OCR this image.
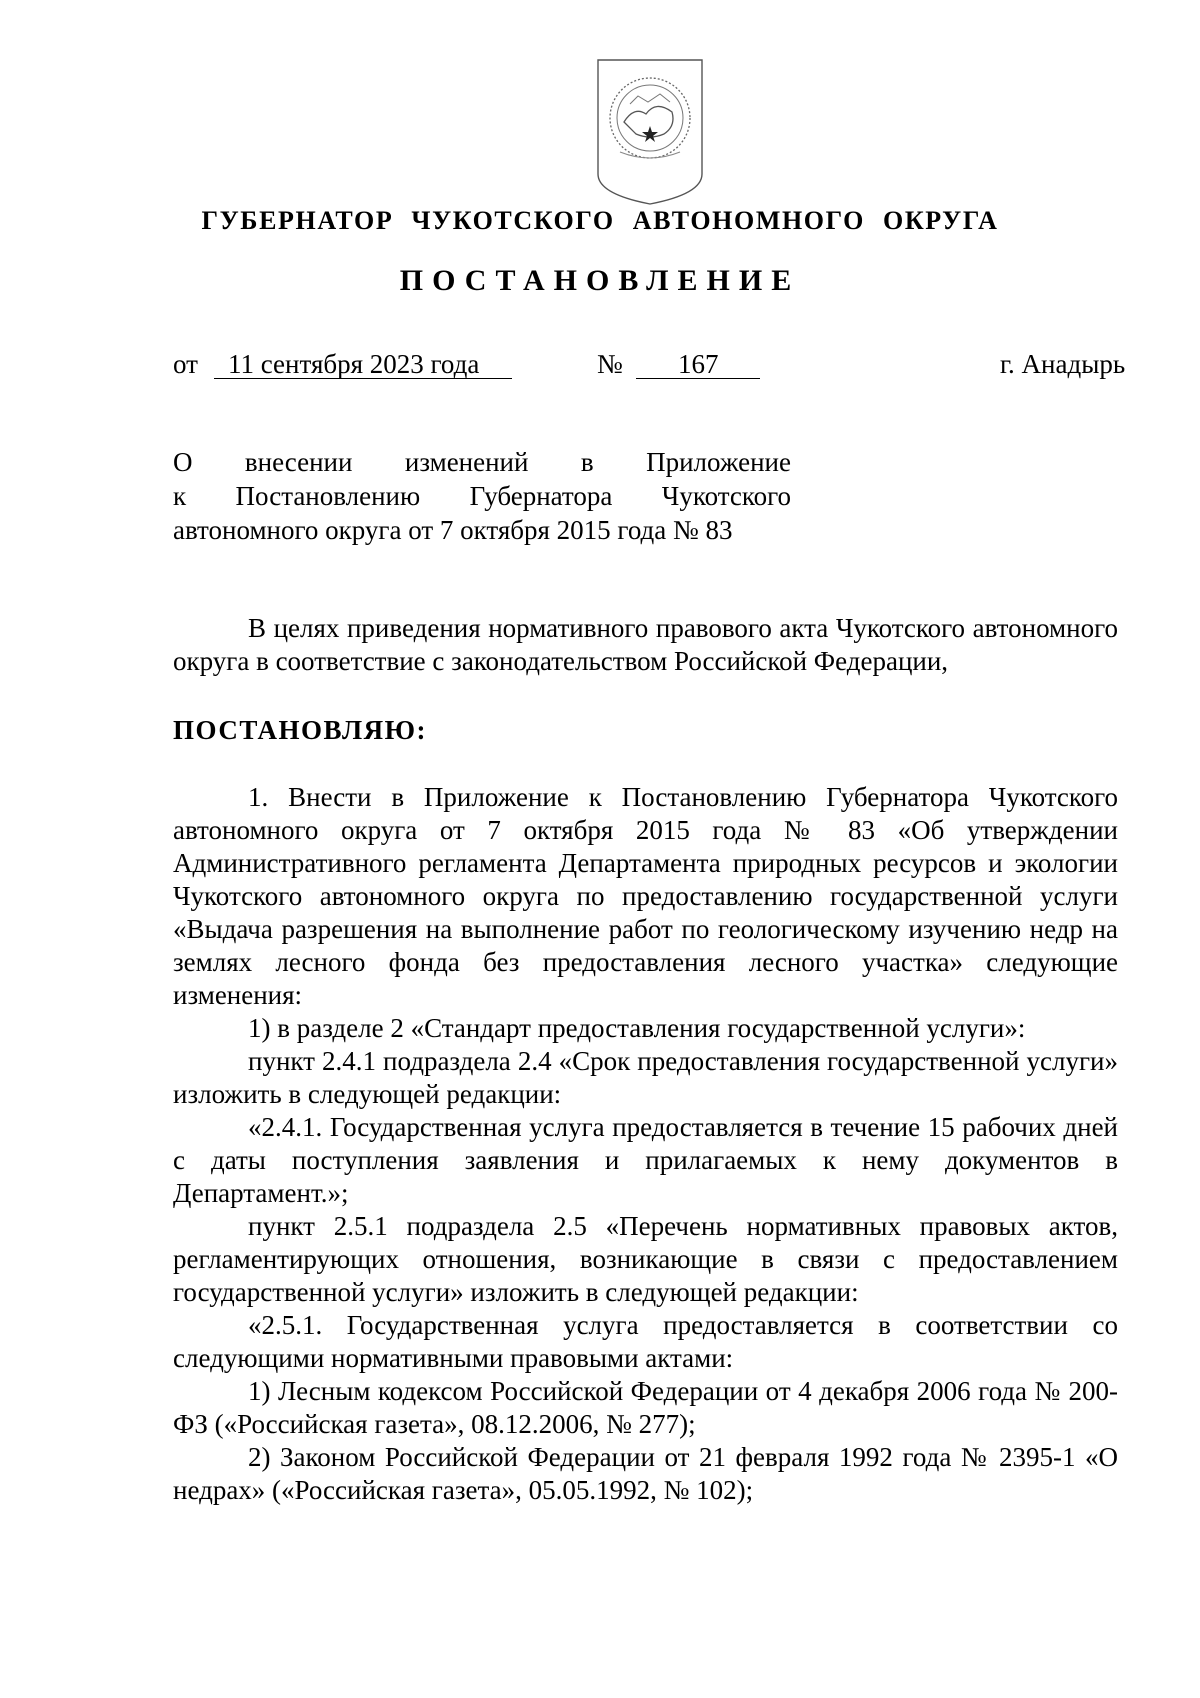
ГУБЕРНАТОР ЧУКОТСКОГО АВТОНОМНОГО ОКРУГА
ПОСТАНОВЛЕНИЕ
от 11 сентября 2023 года	№ 167	г. Анадырь
О внесении изменений в Приложение
к Постановлению Губернатора Чукотского
автономного округа от 7 октября 2015 года № 83

В целях приведения нормативного правового акта Чукотского автономного округа в соответствие с законодательством Российской Федерации,

ПОСТАНОВЛЯЮ:

1. Внести в Приложение к Постановлению Губернатора Чукотского автономного округа от 7 октября 2015 года № 83 «Об утверждении Административного регламента Департамента природных ресурсов и экологии Чукотского автономного округа по предоставлению государственной услуги «Выдача разрешения на выполнение работ по геологическому изучению недр на землях лесного фонда без предоставления лесного участка» следующие изменения:

1) в разделе 2 «Стандарт предоставления государственной услуги»:

пункт 2.4.1 подраздела 2.4 «Срок предоставления государственной услуги» изложить в следующей редакции:

«2.4.1. Государственная услуга предоставляется в течение 15 рабочих дней с даты поступления заявления и прилагаемых к нему документов в Департамент.»;

пункт 2.5.1 подраздела 2.5 «Перечень нормативных правовых актов, регламентирующих отношения, возникающие в связи с предоставлением государственной услуги» изложить в следующей редакции:

«2.5.1. Государственная услуга предоставляется в соответствии со следующими нормативными правовыми актами:

1) Лесным кодексом Российской Федерации от 4 декабря 2006 года № 200-ФЗ («Российская газета», 08.12.2006, № 277);

2) Законом Российской Федерации от 21 февраля 1992 года № 2395-1 «О недрах» («Российская газета», 05.05.1992, № 102);
